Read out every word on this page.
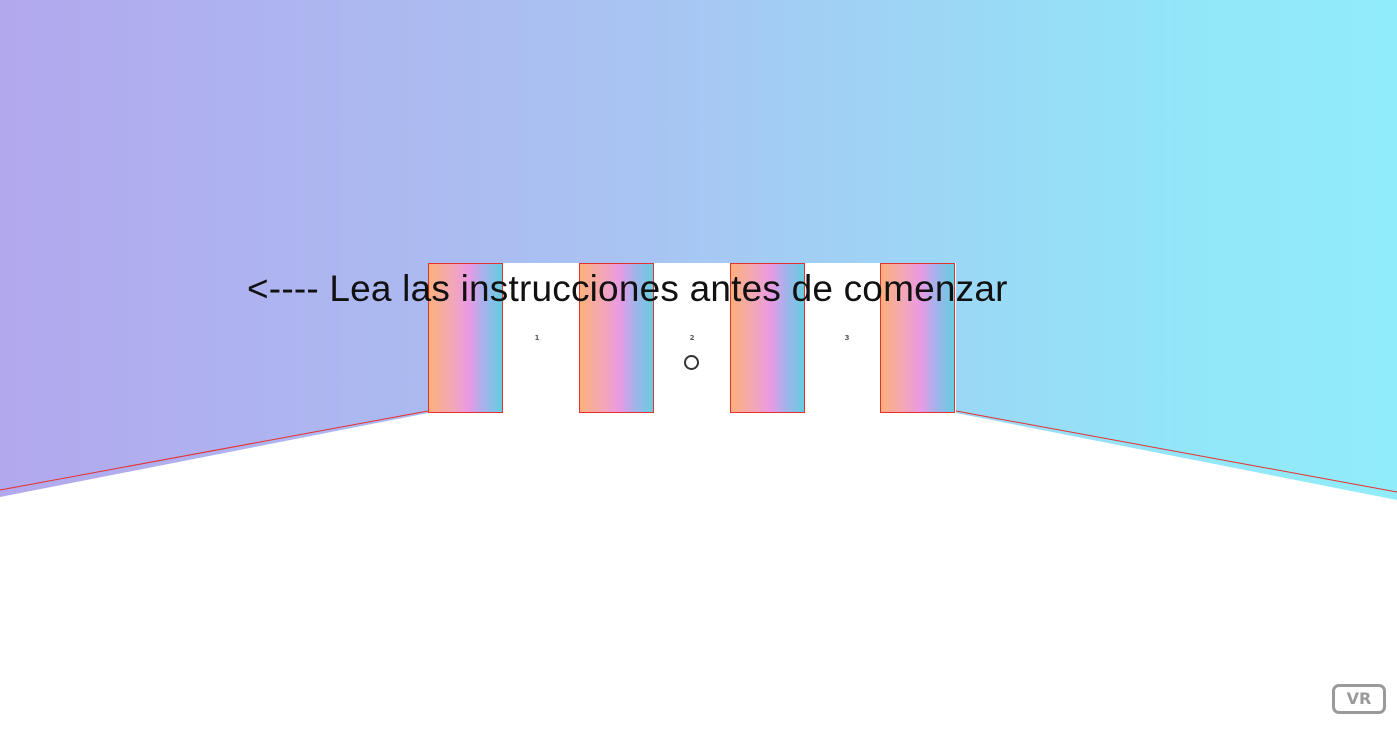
1	2	3
<---- Lea las instrucciones antes de comenzar
VR
